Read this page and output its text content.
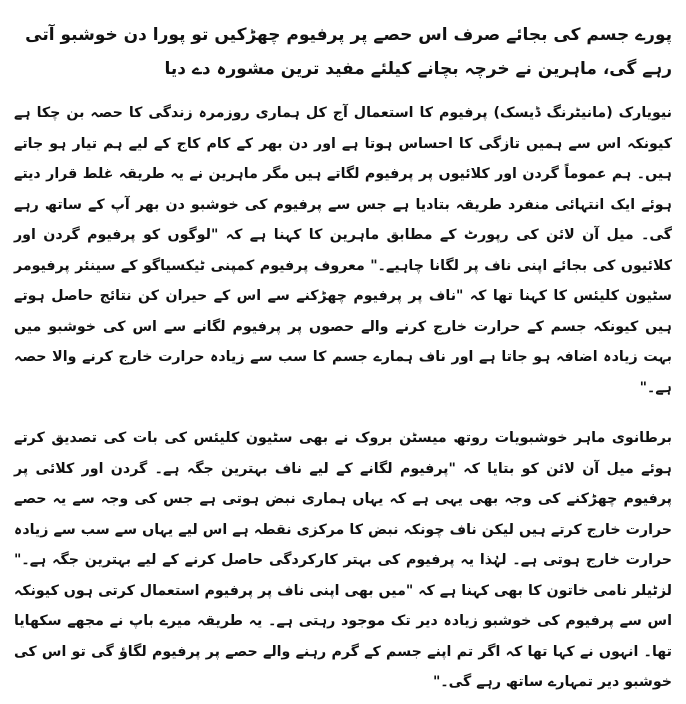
پورے جسم کی بجائے صرف اس حصے پر پرفیوم چھڑکیں تو پورا دن خوشبو آتی رہے گی، ماہرین نے خرچہ بچانے کیلئے مفید ترین مشورہ دے دیا

نیویارک (مانیٹرنگ ڈیسک) پرفیوم کا استعمال آج کل ہماری روزمرہ زندگی کا حصہ بن چکا ہے کیونکہ اس سے ہمیں تازگی کا احساس ہوتا ہے اور دن بھر کے کام کاج کے لیے ہم تیار ہو جاتے ہیں۔ ہم عموماً گردن اور کلائیوں پر پرفیوم لگاتے ہیں مگر ماہرین نے یہ طریقہ غلط قرار دیتے ہوئے ایک انتہائی منفرد طریقہ بتادیا ہے جس سے پرفیوم کی خوشبو دن بھر آپ کے ساتھ رہے گی۔ میل آن لائن کی رپورٹ کے مطابق ماہرین کا کہنا ہے کہ "لوگوں کو پرفیوم گردن اور کلائیوں کی بجائے اپنی ناف پر لگانا چاہیے۔" معروف پرفیوم کمپنی ٹیکسیاگو کے سینئر پرفیومر سٹیون کلیئس کا کہنا تھا کہ "ناف پر پرفیوم چھڑکنے سے اس کے حیران کن نتائج حاصل ہوتے ہیں کیونکہ جسم کے حرارت خارج کرنے والے حصوں پر پرفیوم لگانے سے اس کی خوشبو میں بہت زیادہ اضافہ ہو جاتا ہے اور ناف ہمارے جسم کا سب سے زیادہ حرارت خارج کرنے والا حصہ ہے۔"

برطانوی ماہر خوشبویات روتھ میسٹن بروک نے بھی سٹیون کلیئس کی بات کی تصدیق کرتے ہوئے میل آن لائن کو بتایا کہ "پرفیوم لگانے کے لیے ناف بہترین جگہ ہے۔ گردن اور کلائی پر پرفیوم چھڑکنے کی وجہ بھی یہی ہے کہ یہاں ہماری نبض ہوتی ہے جس کی وجہ سے یہ حصے حرارت خارج کرتے ہیں لیکن ناف چونکہ نبض کا مرکزی نقطہ ہے اس لیے یہاں سے سب سے زیادہ حرارت خارج ہوتی ہے۔ لہٰذا یہ پرفیوم کی بہتر کارکردگی حاصل کرنے کے لیے بہترین جگہ ہے۔" لزٹیلر نامی خاتون کا بھی کہنا ہے کہ "میں بھی اپنی ناف پر پرفیوم استعمال کرتی ہوں کیونکہ اس سے پرفیوم کی خوشبو زیادہ دیر تک موجود رہتی ہے۔ یہ طریقہ میرے باپ نے مجھے سکھایا تھا۔ انہوں نے کہا تھا کہ اگر تم اپنے جسم کے گرم رہنے والے حصے پر پرفیوم لگاؤ گی تو اس کی خوشبو دیر تمہارے ساتھ رہے گی۔"
